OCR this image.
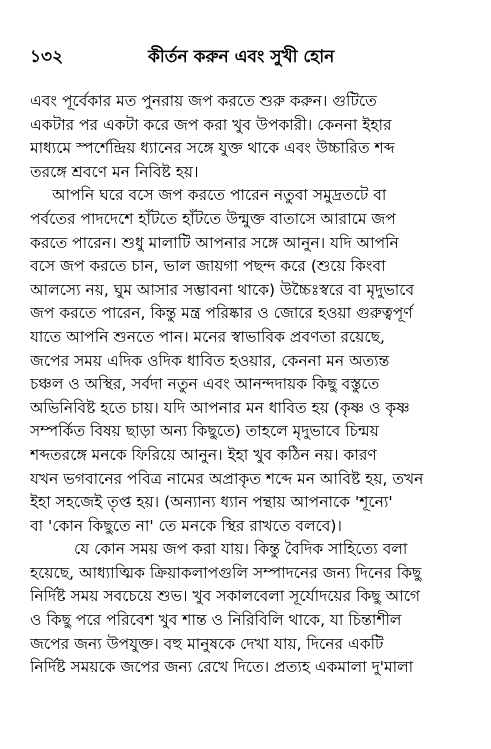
১৩২	কীর্তন করুন এবং সুখী হোন
এবং পূর্বেকার মত পুনরায় জপ করতে শুরু করুন। গুটিতে
একটার পর একটা করে জপ করা খুব উপকারী। কেননা ইহার
মাধ্যমে স্পর্শেন্দ্রিয় ধ্যানের সঙ্গে যুক্ত থাকে এবং উচ্চারিত শব্দ
তরঙ্গে শ্রবণে মন নিবিষ্ট হয়।
আপনি ঘরে বসে জপ করতে পারেন নতুবা সমুদ্রতটে বা
পর্বতের পাদদেশে হাঁটতে হাঁটতে উন্মুক্ত বাতাসে আরামে জপ
করতে পারেন। শুধু মালাটি আপনার সঙ্গে আনুন। যদি আপনি
বসে জপ করতে চান, ভাল জায়গা পছন্দ করে (শুয়ে কিংবা
আলস্যে নয়, ঘুম আসার সম্ভাবনা থাকে) উচ্চৈঃস্বরে বা মৃদুভাবে
জপ করতে পারেন, কিন্তু মন্ত্র পরিষ্কার ও জোরে হওয়া গুরুত্বপূর্ণ
যাতে আপনি শুনতে পান। মনের স্বাভাবিক প্রবণতা রয়েছে,
জপের সময় এদিক ওদিক ধাবিত হওয়ার, কেননা মন অত্যন্ত
চঞ্চল ও অস্থির, সর্বদা নতুন এবং আনন্দদায়ক কিছু বস্তুতে
অভিনিবিষ্ট হতে চায়। যদি আপনার মন ধাবিত হয় (কৃষ্ণ ও কৃষ্ণ
সম্পর্কিত বিষয় ছাড়া অন্য কিছুতে) তাহলে মৃদুভাবে চিন্ময়
শব্দতরঙ্গে মনকে ফিরিয়ে আনুন। ইহা খুব কঠিন নয়। কারণ
যখন ভগবানের পবিত্র নামের অপ্রাকৃত শব্দে মন আবিষ্ট হয়, তখন
ইহা সহজেই তৃপ্ত হয়। (অন্যান্য ধ্যান পন্থায় আপনাকে 'শূন্যে'
বা 'কোন কিছুতে না' তে মনকে স্থির রাখতে বলবে)।
যে কোন সময় জপ করা যায়। কিন্তু বৈদিক সাহিত্যে বলা
হয়েছে, আধ্যাত্মিক ক্রিয়াকলাপগুলি সম্পাদনের জন্য দিনের কিছু
নির্দিষ্ট সময় সবচেয়ে শুভ। খুব সকালবেলা সূর্যোদয়ের কিছু আগে
ও কিছু পরে পরিবেশ খুব শান্ত ও নিরিবিলি থাকে, যা চিন্তাশীল
জপের জন্য উপযুক্ত। বহু মানুষকে দেখা যায়, দিনের একটি
নির্দিষ্ট সময়কে জপের জন্য রেখে দিতে। প্রত্যহ একমালা দু'মালা
